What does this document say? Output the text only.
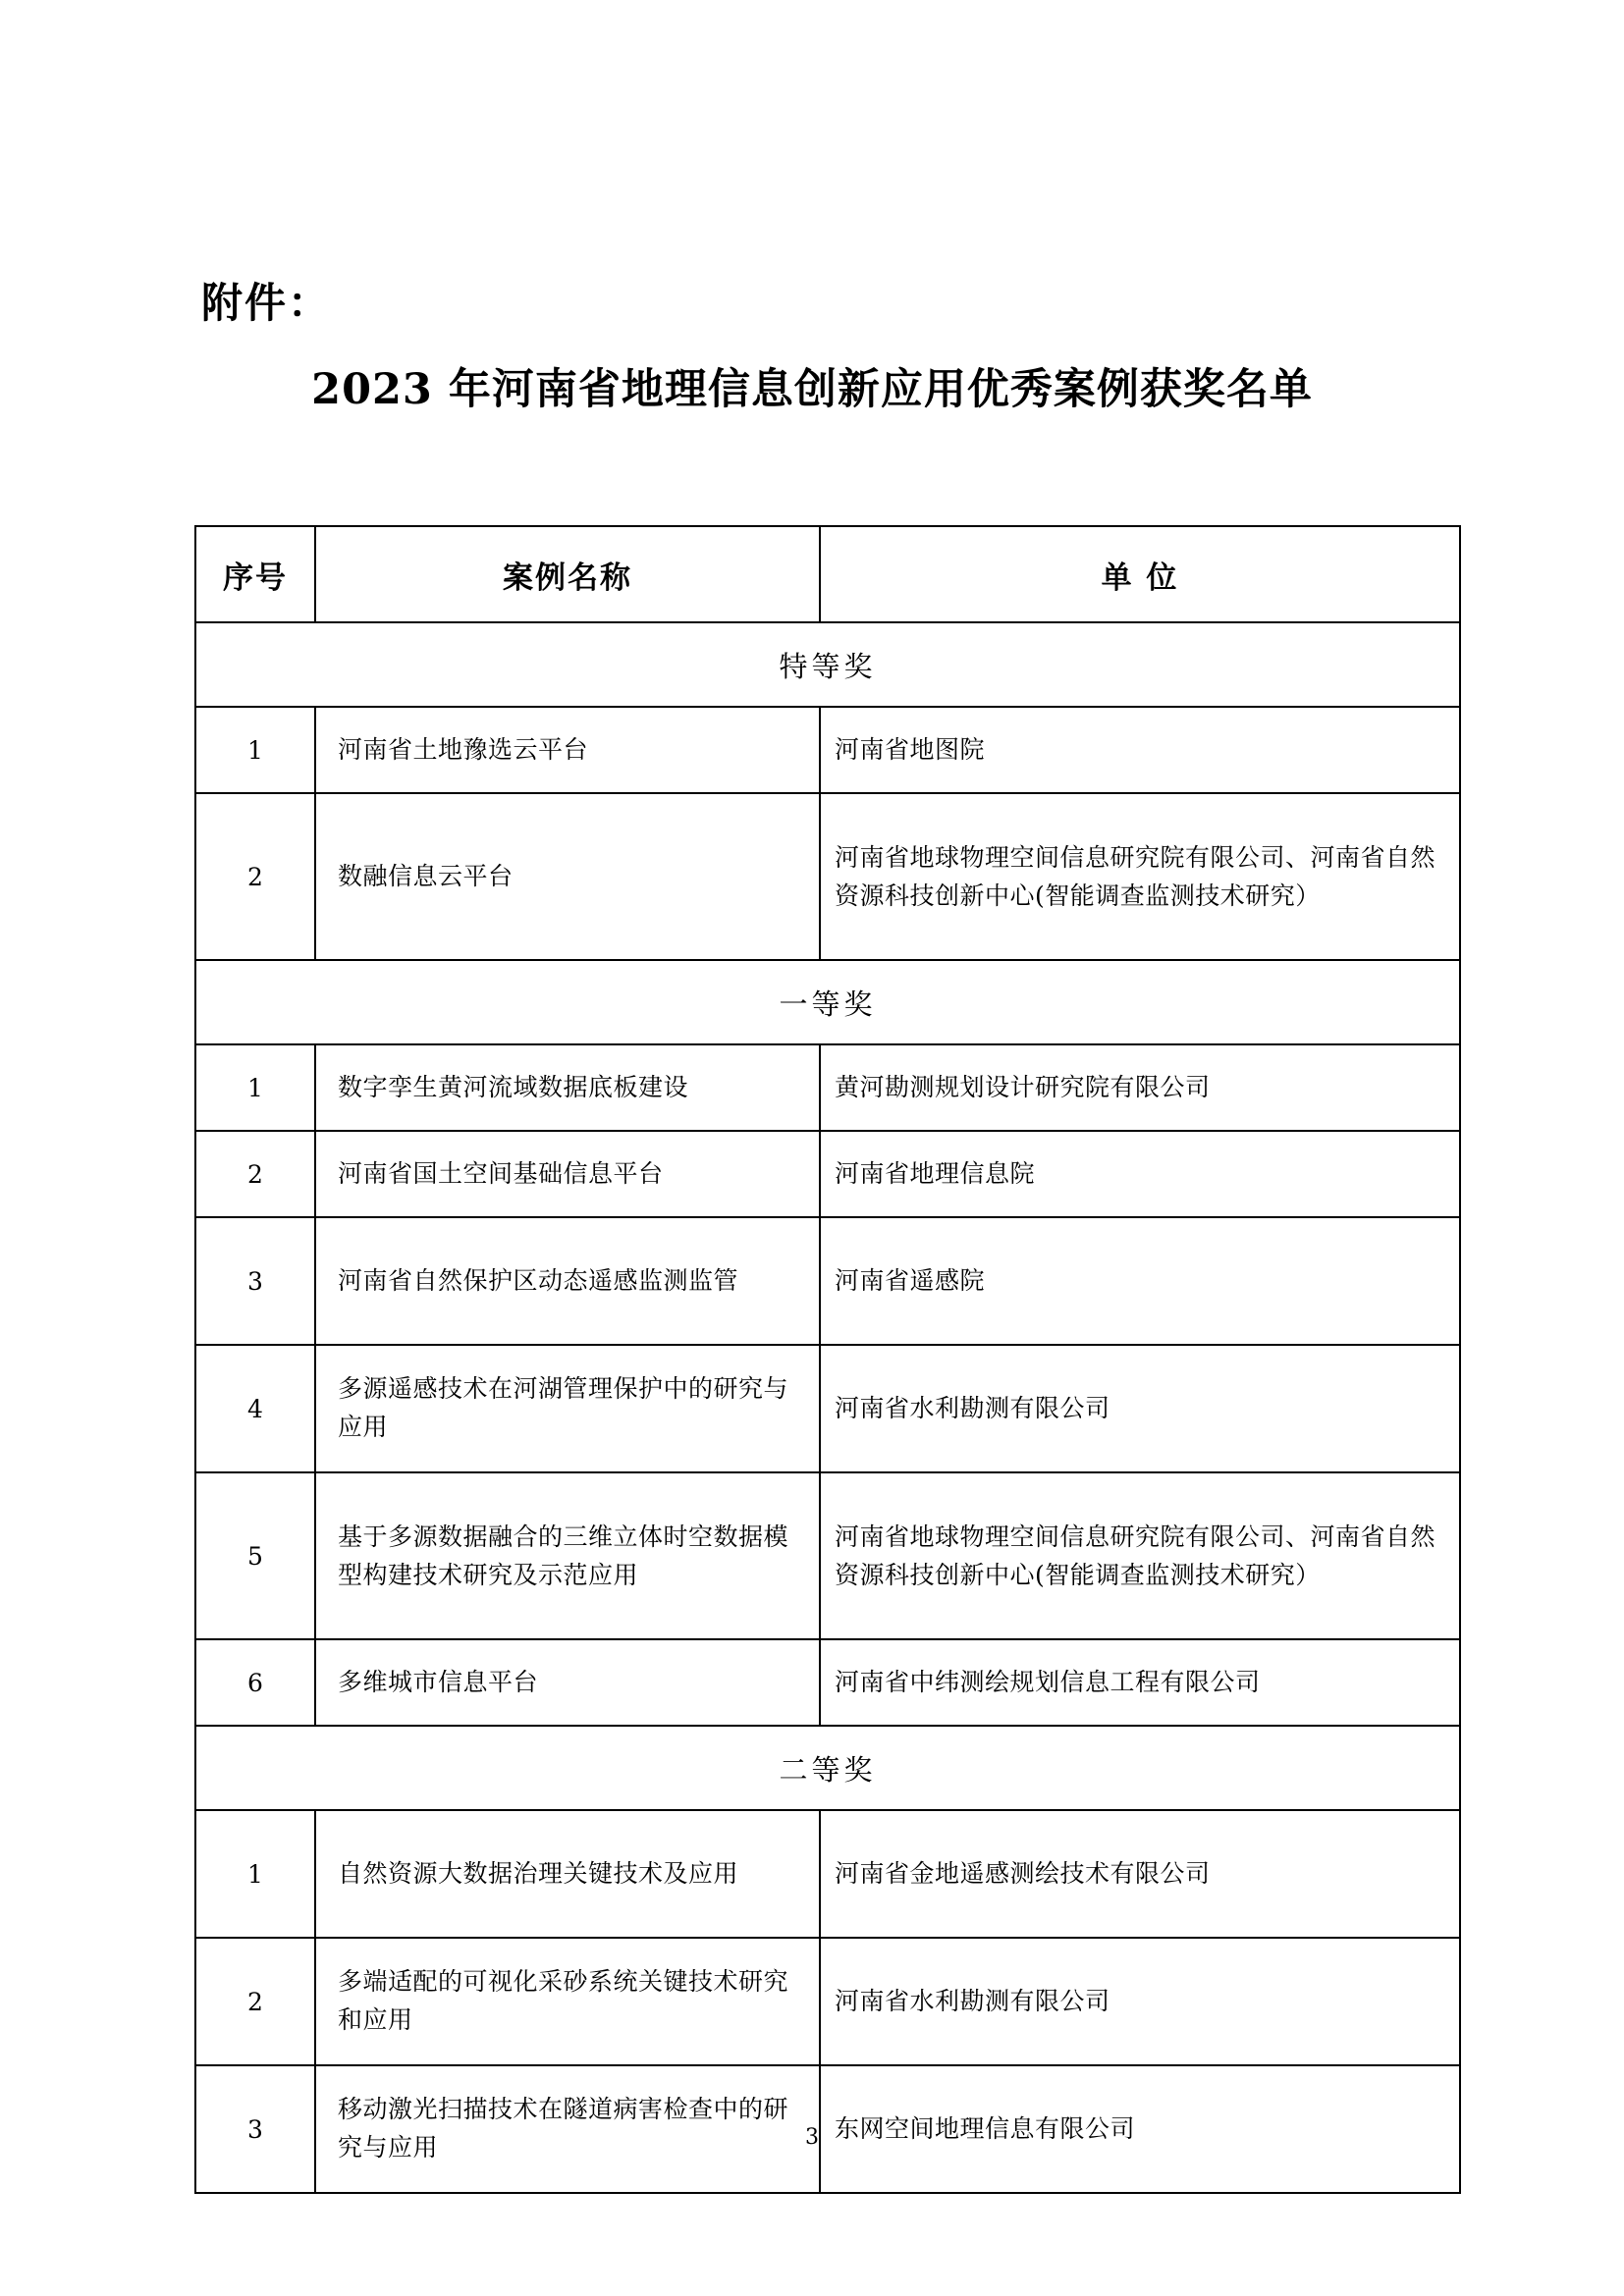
附件：
2023 年河南省地理信息创新应用优秀案例获奖名单
序号	案例名称	单 位
特等奖		
1	河南省土地豫选云平台	河南省地图院
2	数融信息云平台	河南省地球物理空间信息研究院有限公司、河南省自然资源科技创新中心(智能调查监测技术研究）
一等奖		
1	数字孪生黄河流域数据底板建设	黄河勘测规划设计研究院有限公司
2	河南省国土空间基础信息平台	河南省地理信息院
3	河南省自然保护区动态遥感监测监管	河南省遥感院
4	多源遥感技术在河湖管理保护中的研究与应用	河南省水利勘测有限公司
5	基于多源数据融合的三维立体时空数据模型构建技术研究及示范应用	河南省地球物理空间信息研究院有限公司、河南省自然资源科技创新中心(智能调查监测技术研究）
6	多维城市信息平台	河南省中纬测绘规划信息工程有限公司
二等奖		
1	自然资源大数据治理关键技术及应用	河南省金地遥感测绘技术有限公司
2	多端适配的可视化采砂系统关键技术研究和应用	河南省水利勘测有限公司
3	移动激光扫描技术在隧道病害检查中的研究与应用	东网空间地理信息有限公司
3
